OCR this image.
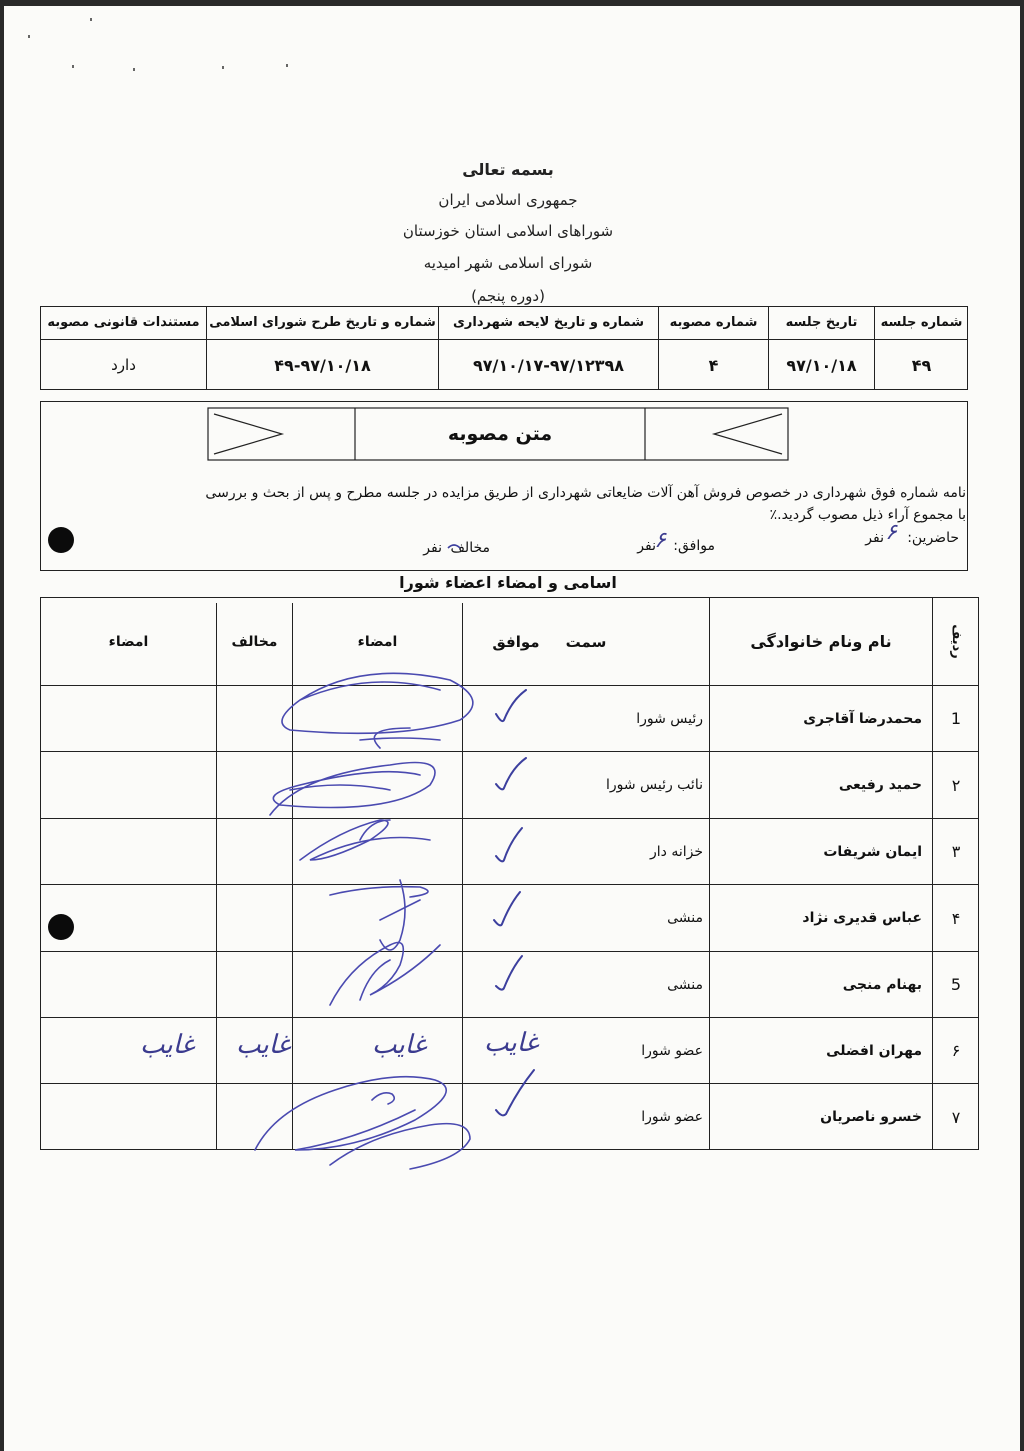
بسمه تعالی
جمهوری اسلامی ایران
شوراهای اسلامی استان خوزستان
شورای اسلامی شهر امیدیه
(دوره پنجم)
شماره جلسه
تاریخ جلسه
شماره مصوبه
شماره و تاریخ لایحه شهرداری
شماره و تاریخ طرح شورای اسلامی
مستندات قانونی مصوبه
۴۹
۹۷/۱۰/۱۸
۴
۹۷/۱۰/۱۷-۹۷/۱۲۳۹۸
۴۹-۹۷/۱۰/۱۸
دارد
متن مصوبه
نامه شماره فوق شهرداری در خصوص فروش آهن آلات ضایعاتی شهرداری از طریق مزایده در جلسه مطرح و پس از بحث و بررسی
با مجموع آراء ذیل مصوب گردید.٪
حاضرین:
۶
نفر
موافق:
۶
نفر
مخالف
نفر
اسامی و امضاء اعضاء شورا
ردیف
نام ونام خانوادگی
سمت
موافق
امضاء
مخالف
امضاء
1
محمدرضا آقاجری
رئیس شورا
۲
حمید رفیعی
نائب رئیس شورا
۳
ایمان شریفات
خزانه دار
۴
عباس قدیری نژاد
منشی
5
بهنام منجی
منشی
۶
مهران افضلی
عضو شورا
۷
خسرو ناصریان
عضو شورا
غایب
غایب
غایب
غایب
